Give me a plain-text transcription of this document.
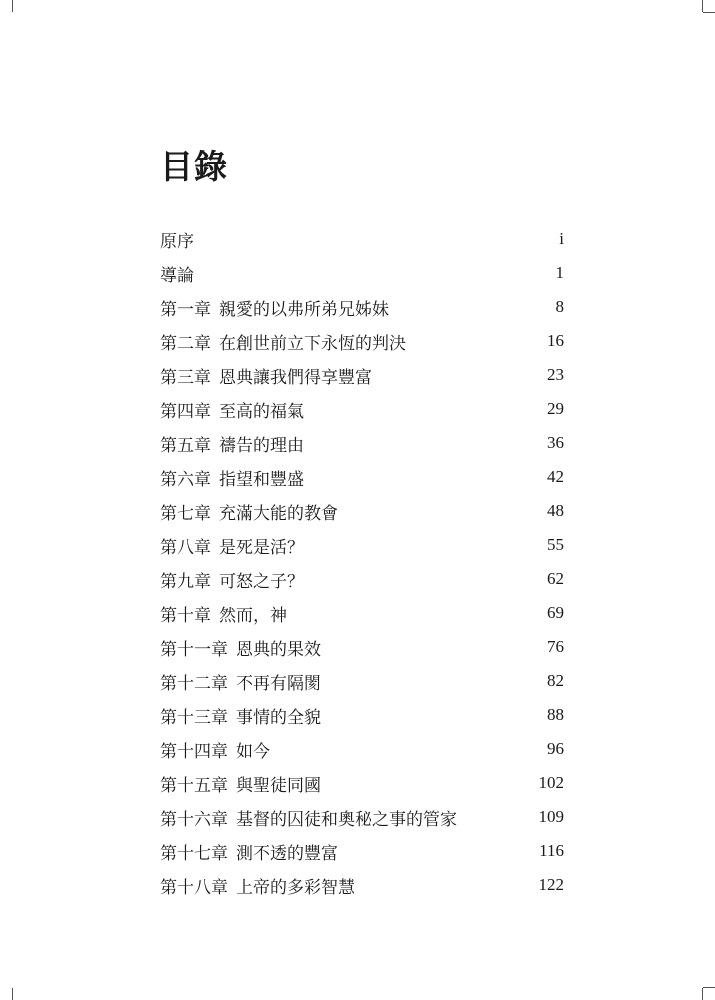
目錄
原序	i
導論	1
第一章 親愛的以弗所弟兄姊妹	8
第二章 在創世前立下永恆的判決	16
第三章 恩典讓我們得享豐富	23
第四章 至高的福氣	29
第五章 禱告的理由	36
第六章 指望和豐盛	42
第七章 充滿大能的教會	48
第八章 是死是活？	55
第九章 可怒之子？	62
第十章 然而，神	69
第十一章 恩典的果效	76
第十二章 不再有隔閡	82
第十三章 事情的全貌	88
第十四章 如今	96
第十五章 與聖徒同國	102
第十六章 基督的囚徒和奧秘之事的管家	109
第十七章 測不透的豐富	116
第十八章 上帝的多彩智慧	122
